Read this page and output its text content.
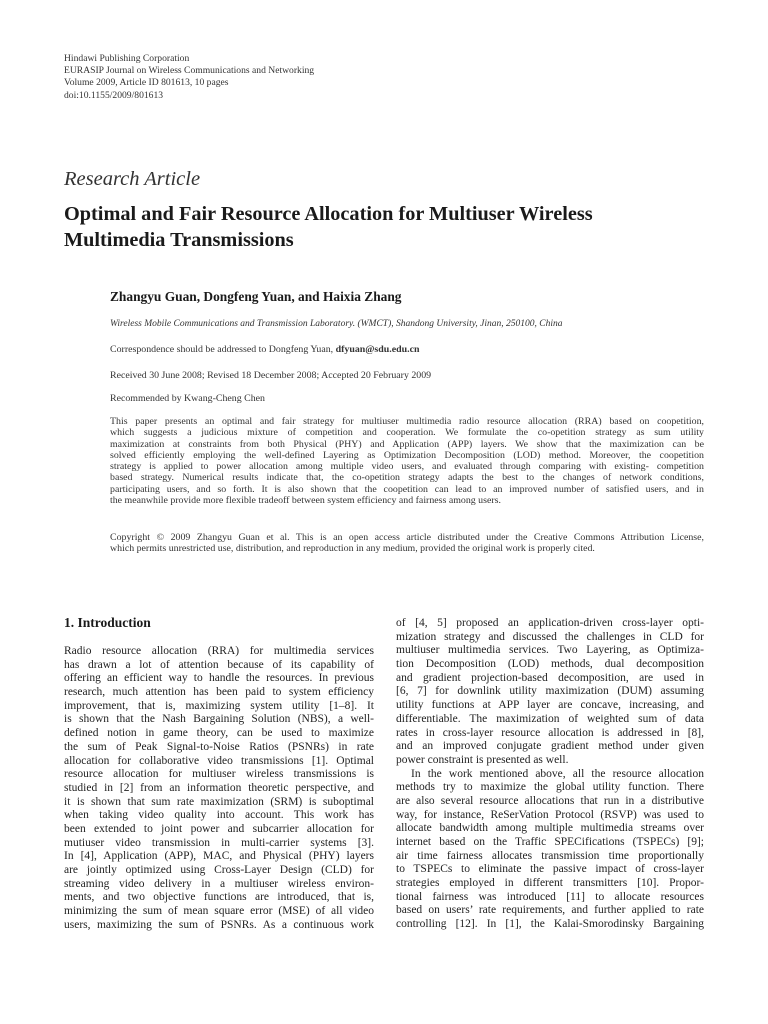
Hindawi Publishing Corporation
EURASIP Journal on Wireless Communications and Networking
Volume 2009, Article ID 801613, 10 pages
doi:10.1155/2009/801613
Research Article
Optimal and Fair Resource Allocation for Multiuser Wireless
Multimedia Transmissions
Zhangyu Guan, Dongfeng Yuan, and Haixia Zhang
Wireless Mobile Communications and Transmission Laboratory. (WMCT), Shandong University, Jinan, 250100, China
Correspondence should be addressed to Dongfeng Yuan, dfyuan@sdu.edu.cn
Received 30 June 2008; Revised 18 December 2008; Accepted 20 February 2009
Recommended by Kwang-Cheng Chen
This paper presents an optimal and fair strategy for multiuser multimedia radio resource allocation (RRA) based on coopetition,
which suggests a judicious mixture of competition and cooperation. We formulate the co-opetition strategy as sum utility
maximization at constraints from both Physical (PHY) and Application (APP) layers. We show that the maximization can be
solved efficiently employing the well-defined Layering as Optimization Decomposition (LOD) method. Moreover, the coopetition
strategy is applied to power allocation among multiple video users, and evaluated through comparing with existing- competition
based strategy. Numerical results indicate that, the co-opetition strategy adapts the best to the changes of network conditions,
participating users, and so forth. It is also shown that the coopetition can lead to an improved number of satisfied users, and in
the meanwhile provide more flexible tradeoff between system efficiency and fairness among users.
Copyright © 2009 Zhangyu Guan et al. This is an open access article distributed under the Creative Commons Attribution License,
which permits unrestricted use, distribution, and reproduction in any medium, provided the original work is properly cited.
1. Introduction
Radio resource allocation (RRA) for multimedia services
has drawn a lot of attention because of its capability of
offering an efficient way to handle the resources. In previous
research, much attention has been paid to system efficiency
improvement, that is, maximizing system utility [1–8]. It
is shown that the Nash Bargaining Solution (NBS), a well-
defined notion in game theory, can be used to maximize
the sum of Peak Signal-to-Noise Ratios (PSNRs) in rate
allocation for collaborative video transmissions [1]. Optimal
resource allocation for multiuser wireless transmissions is
studied in [2] from an information theoretic perspective, and
it is shown that sum rate maximization (SRM) is suboptimal
when taking video quality into account. This work has
been extended to joint power and subcarrier allocation for
mutiuser video transmission in multi-carrier systems [3].
In [4], Application (APP), MAC, and Physical (PHY) layers
are jointly optimized using Cross-Layer Design (CLD) for
streaming video delivery in a multiuser wireless environ-
ments, and two objective functions are introduced, that is,
minimizing the sum of mean square error (MSE) of all video
users, maximizing the sum of PSNRs. As a continuous work
of [4, 5] proposed an application-driven cross-layer opti-
mization strategy and discussed the challenges in CLD for
multiuser multimedia services. Two Layering, as Optimiza-
tion Decomposition (LOD) methods, dual decomposition
and gradient projection-based decomposition, are used in
[6, 7] for downlink utility maximization (DUM) assuming
utility functions at APP layer are concave, increasing, and
differentiable. The maximization of weighted sum of data
rates in cross-layer resource allocation is addressed in [8],
and an improved conjugate gradient method under given
power constraint is presented as well.
In the work mentioned above, all the resource allocation
methods try to maximize the global utility function. There
are also several resource allocations that run in a distributive
way, for instance, ReSerVation Protocol (RSVP) was used to
allocate bandwidth among multiple multimedia streams over
internet based on the Traffic SPECifications (TSPECs) [9];
air time fairness allocates transmission time proportionally
to TSPECs to eliminate the passive impact of cross-layer
strategies employed in different transmitters [10]. Propor-
tional fairness was introduced [11] to allocate resources
based on users’ rate requirements, and further applied to rate
controlling [12]. In [1], the Kalai-Smorodinsky Bargaining
